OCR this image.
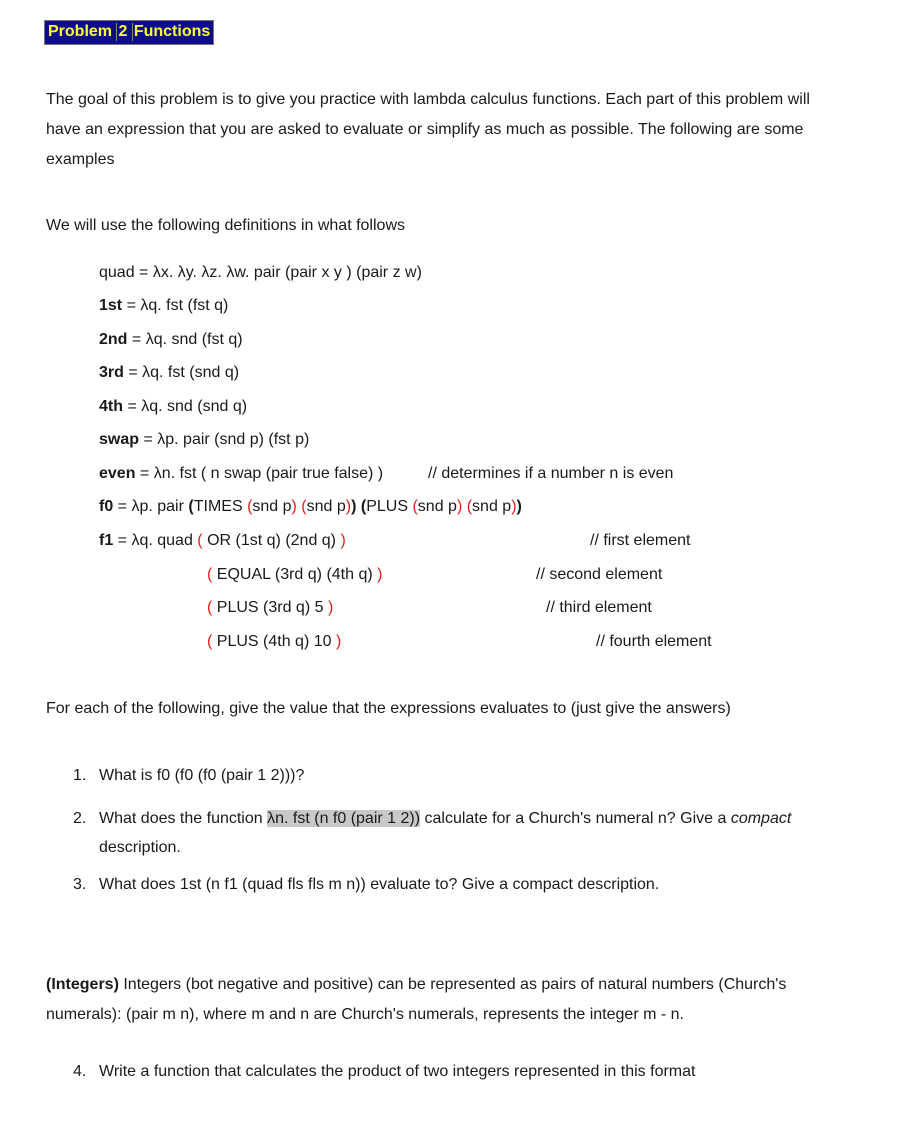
Problem 2 Functions
The goal of this problem is to give you practice with lambda calculus functions. Each part of this problem will have an expression that you are asked to evaluate or simplify as much as possible. The following are some examples
We will use the following definitions in what follows
quad = λx. λy. λz. λw. pair (pair x y ) (pair z w)
1st = λq. fst (fst q)
2nd = λq. snd (fst q)
3rd = λq. fst (snd q)
4th = λq. snd (snd q)
swap = λp. pair (snd p) (fst p)
even = λn. fst ( n swap (pair true false) )	// determines if a number n is even
f0 = λp. pair (TIMES (snd p) (snd p)) (PLUS (snd p) (snd p))
f1 = λq. quad ( OR (1st q) (2nd q) )	// first element
( EQUAL (3rd q) (4th q) )	// second element
( PLUS (3rd q) 5 )	// third element
( PLUS (4th q) 10 )	// fourth element
For each of the following, give the value that the expressions evaluates to (just give the answers)
1. What is f0 (f0 (f0 (pair 1 2)))?
2. What does the function λn. fst (n f0 (pair 1 2)) calculate for a Church's numeral n? Give a compact
description.
3. What does 1st (n f1 (quad fls fls m n)) evaluate to? Give a compact description.
(Integers) Integers (bot negative and positive) can be represented as pairs of natural numbers (Church's numerals): (pair m n), where m and n are Church's numerals, represents the integer m - n.
4. Write a function that calculates the product of two integers represented in this format
